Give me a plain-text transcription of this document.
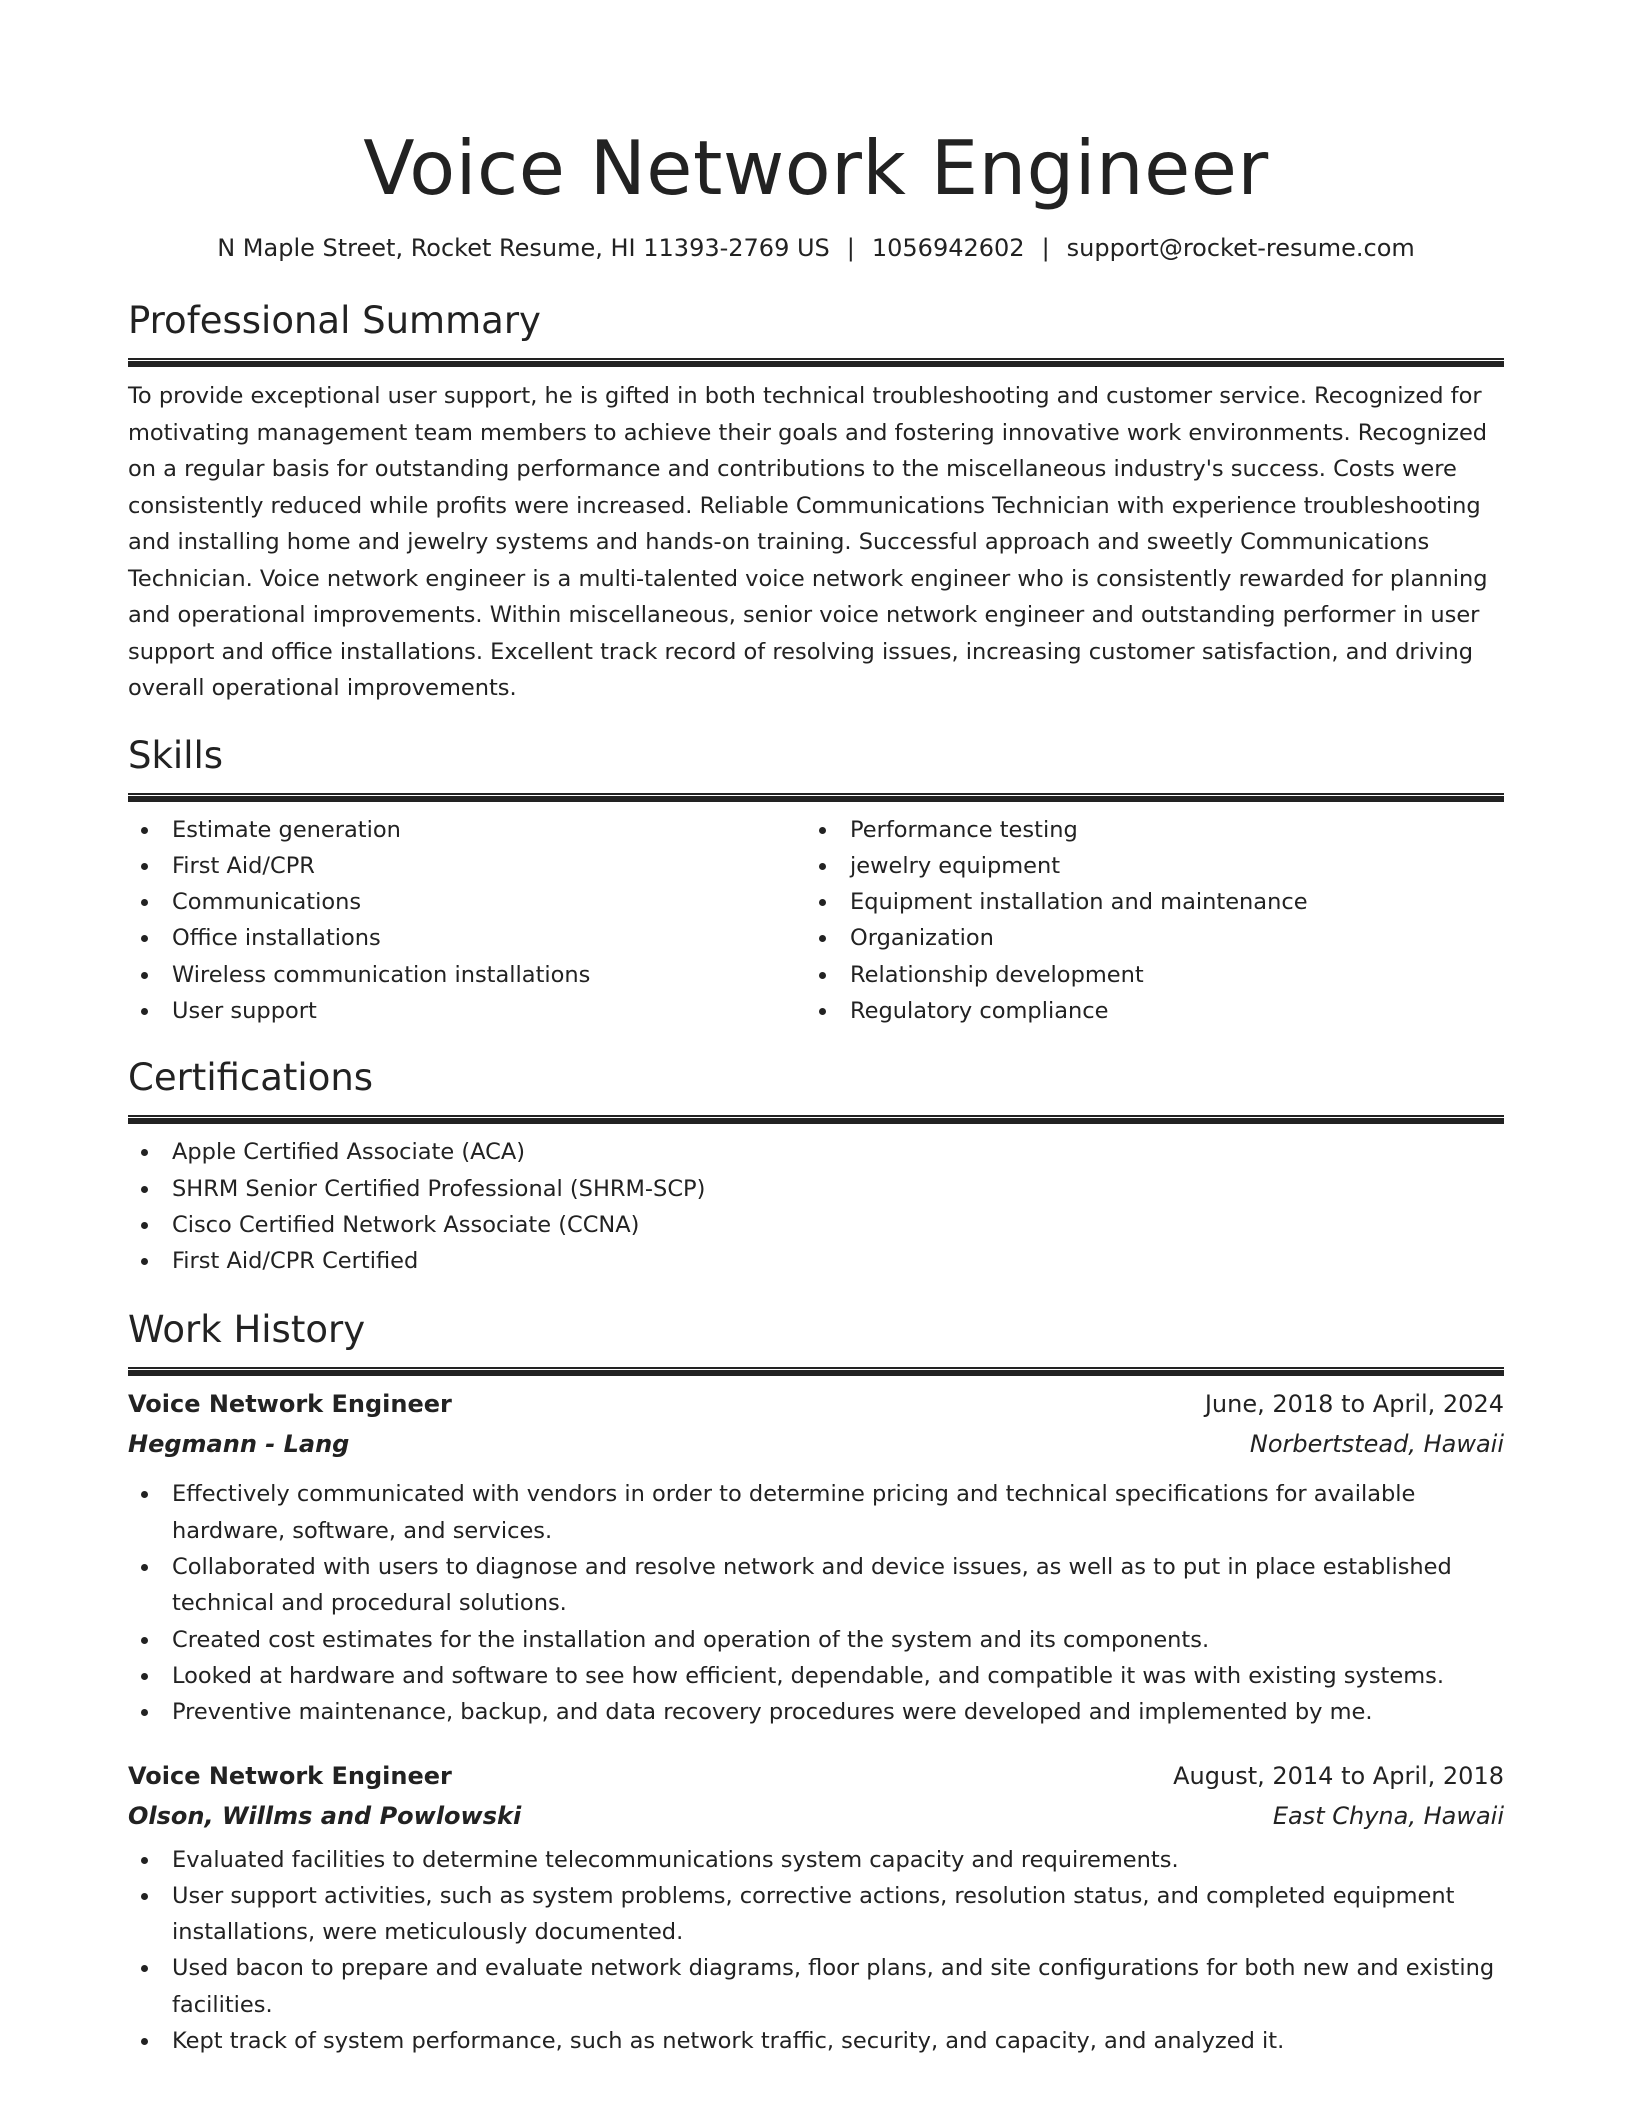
Voice Network Engineer
N Maple Street, Rocket Resume, HI 11393-2769 US | 1056942602 | support@rocket-resume.com
Professional Summary

To provide exceptional user support, he is gifted in both technical troubleshooting and customer service. Recognized for motivating management team members to achieve their goals and fostering innovative work environments. Recognized on a regular basis for outstanding performance and contributions to the miscellaneous industry's success. Costs were consistently reduced while profits were increased. Reliable Communications Technician with experience troubleshooting and installing home and jewelry systems and hands-on training. Successful approach and sweetly Communications Technician. Voice network engineer is a multi-talented voice network engineer who is consistently rewarded for planning and operational improvements. Within miscellaneous, senior voice network engineer and outstanding performer in user support and office installations. Excellent track record of resolving issues, increasing customer satisfaction, and driving overall operational improvements.

Skills
Estimate generation
First Aid/CPR
Communications
Office installations
Wireless communication installations
User support
Performance testing
jewelry equipment
Equipment installation and maintenance
Organization
Relationship development
Regulatory compliance
Certifications
Apple Certified Associate (ACA)
SHRM Senior Certified Professional (SHRM-SCP)
Cisco Certified Network Associate (CCNA)
First Aid/CPR Certified
Work History
Voice Network Engineer	June, 2018 to April, 2024
Hegmann - Lang	Norbertstead, Hawaii
Effectively communicated with vendors in order to determine pricing and technical specifications for available hardware, software, and services.
Collaborated with users to diagnose and resolve network and device issues, as well as to put in place established technical and procedural solutions.
Created cost estimates for the installation and operation of the system and its components.
Looked at hardware and software to see how efficient, dependable, and compatible it was with existing systems.
Preventive maintenance, backup, and data recovery procedures were developed and implemented by me.
Voice Network Engineer	August, 2014 to April, 2018
Olson, Willms and Powlowski	East Chyna, Hawaii
Evaluated facilities to determine telecommunications system capacity and requirements.
User support activities, such as system problems, corrective actions, resolution status, and completed equipment installations, were meticulously documented.
Used bacon to prepare and evaluate network diagrams, floor plans, and site configurations for both new and existing facilities.
Kept track of system performance, such as network traffic, security, and capacity, and analyzed it.
